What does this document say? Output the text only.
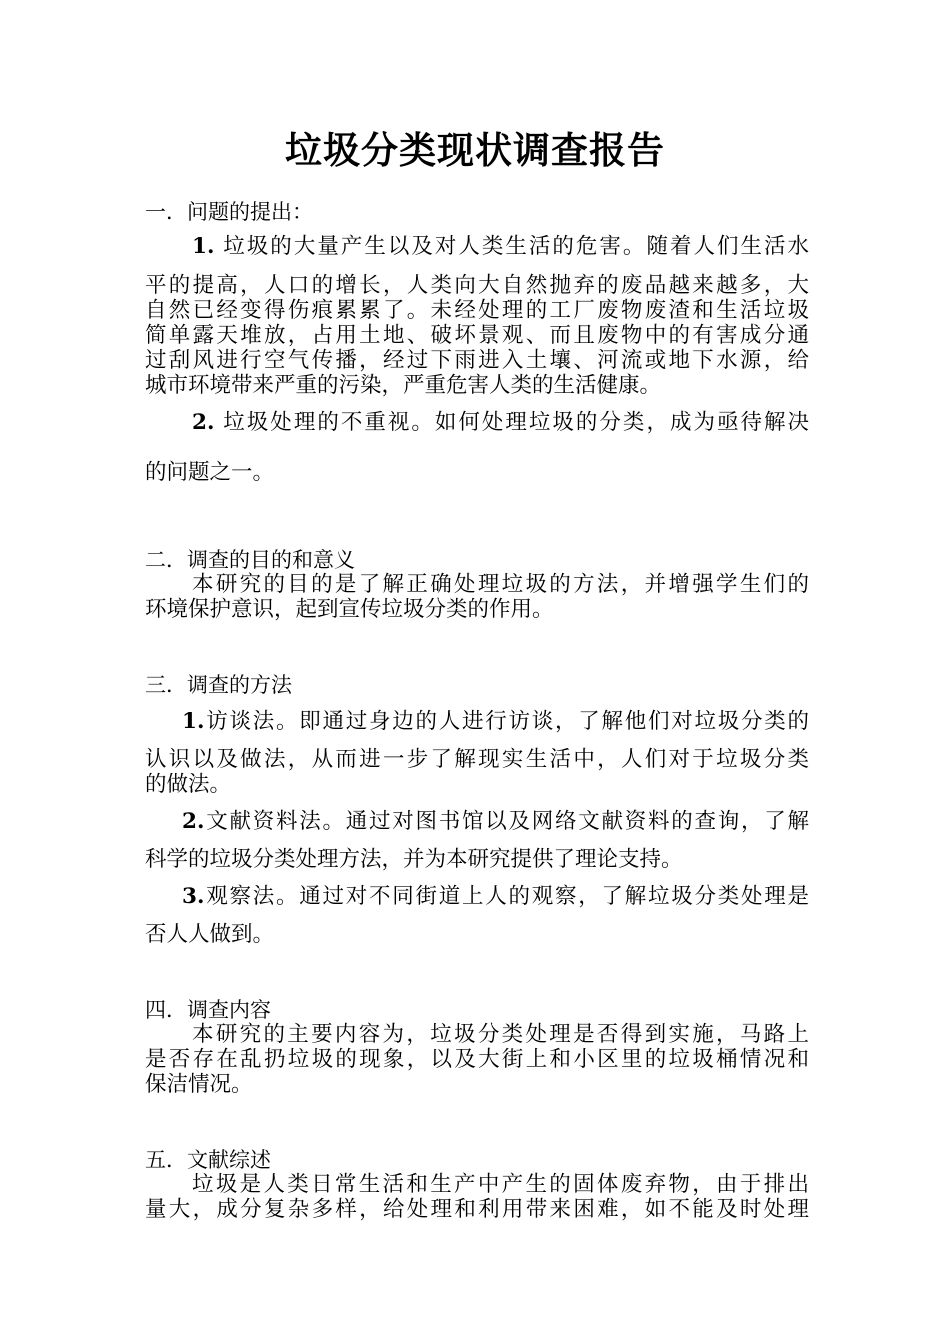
垃圾分类现状调查报告
一．问题的提出：
1. 垃圾的大量产生以及对人类生活的危害。随着人们生活水
平的提高，人口的增长，人类向大自然抛弃的废品越来越多，大
自然已经变得伤痕累累了。未经处理的工厂废物废渣和生活垃圾
简单露天堆放，占用土地、破坏景观、而且废物中的有害成分通
过刮风进行空气传播，经过下雨进入土壤、河流或地下水源，给
城市环境带来严重的污染，严重危害人类的生活健康。
2. 垃圾处理的不重视。如何处理垃圾的分类，成为亟待解决
的问题之一。
二．调查的目的和意义
本研究的目的是了解正确处理垃圾的方法，并增强学生们的
环境保护意识，起到宣传垃圾分类的作用。
三．调查的方法
1.访谈法。即通过身边的人进行访谈，了解他们对垃圾分类的
认识以及做法，从而进一步了解现实生活中，人们对于垃圾分类
的做法。
2.文献资料法。通过对图书馆以及网络文献资料的查询，了解
科学的垃圾分类处理方法，并为本研究提供了理论支持。
3.观察法。通过对不同街道上人的观察，了解垃圾分类处理是
否人人做到。
四．调查内容
本研究的主要内容为，垃圾分类处理是否得到实施，马路上
是否存在乱扔垃圾的现象，以及大街上和小区里的垃圾桶情况和
保洁情况。
五．文献综述
垃圾是人类日常生活和生产中产生的固体废弃物，由于排出
量大，成分复杂多样，给处理和利用带来困难，如不能及时处理
